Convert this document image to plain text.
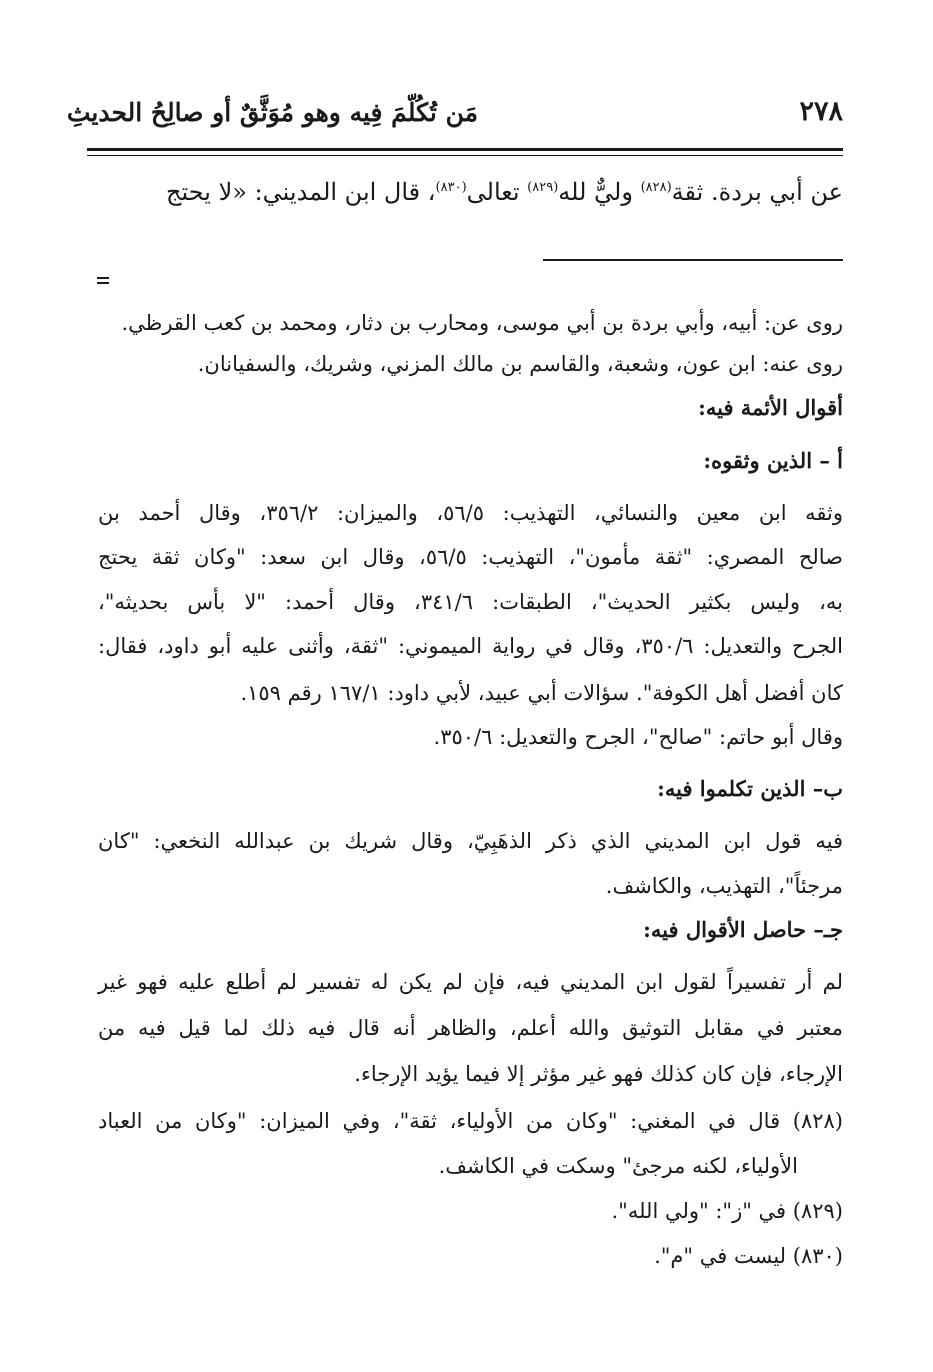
مَن تُكُلّمَ فِيه وهو مُوَثَّقٌ أو صالِحُ الحديثِ	٢٧٨
عن أبي بردة. ثقة$^{(٨٢٨)}$ وليٌّ لله$^{(٨٢٩)}$ تعالى$^{(٨٣٠)}$، قال ابن المديني: «لا يحتج
روى عن: أبيه، وأبي بردة بن أبي موسى، ومحارب بن دثار، ومحمد بن كعب القرظي.
روى عنه: ابن عون، وشعبة، والقاسم بن مالك المزني، وشريك، والسفيانان.
أقوال الأئمة فيه:
أ – الذين وثقوه:
وثقه ابن معين والنسائي، التهذيب: ٥٦/٥، والميزان: ٣٥٦/٢، وقال أحمد بن
صالح المصري: "ثقة مأمون"، التهذيب: ٥٦/٥، وقال ابن سعد: "وكان ثقة يحتج
به، وليس بكثير الحديث"، الطبقات: ٣٤١/٦، وقال أحمد: "لا بأس بحديثه"،
الجرح والتعديل: ٣٥٠/٦، وقال في رواية الميموني: "ثقة، وأثنى عليه أبو داود، فقال:
كان أفضل أهل الكوفة". سؤالات أبي عبيد، لأبي داود: ١٦٧/١ رقم ١٥٩.
وقال أبو حاتم: "صالح"، الجرح والتعديل: ٣٥٠/٦.
ب– الذين تكلموا فيه:
فيه قول ابن المديني الذي ذكر الذهَبِيّ، وقال شريك بن عبدالله النخعي: "كان
مرجئاً"، التهذيب، والكاشف.
جـ– حاصل الأقوال فيه:
لم أر تفسيراً لقول ابن المديني فيه، فإن لم يكن له تفسير لم أطلع عليه فهو غير
معتبر في مقابل التوثيق والله أعلم، والظاهر أنه قال فيه ذلك لما قيل فيه من
الإرجاء، فإن كان كذلك فهو غير مؤثر إلا فيما يؤيد الإرجاء.
(٨٢٨) قال في المغني: "وكان من الأولياء، ثقة"، وفي الميزان: "وكان من العباد
الأولياء، لكنه مرجئ" وسكت في الكاشف.
(٨٢٩) في "ز": "ولي الله".
(٨٣٠) ليست في "م".
